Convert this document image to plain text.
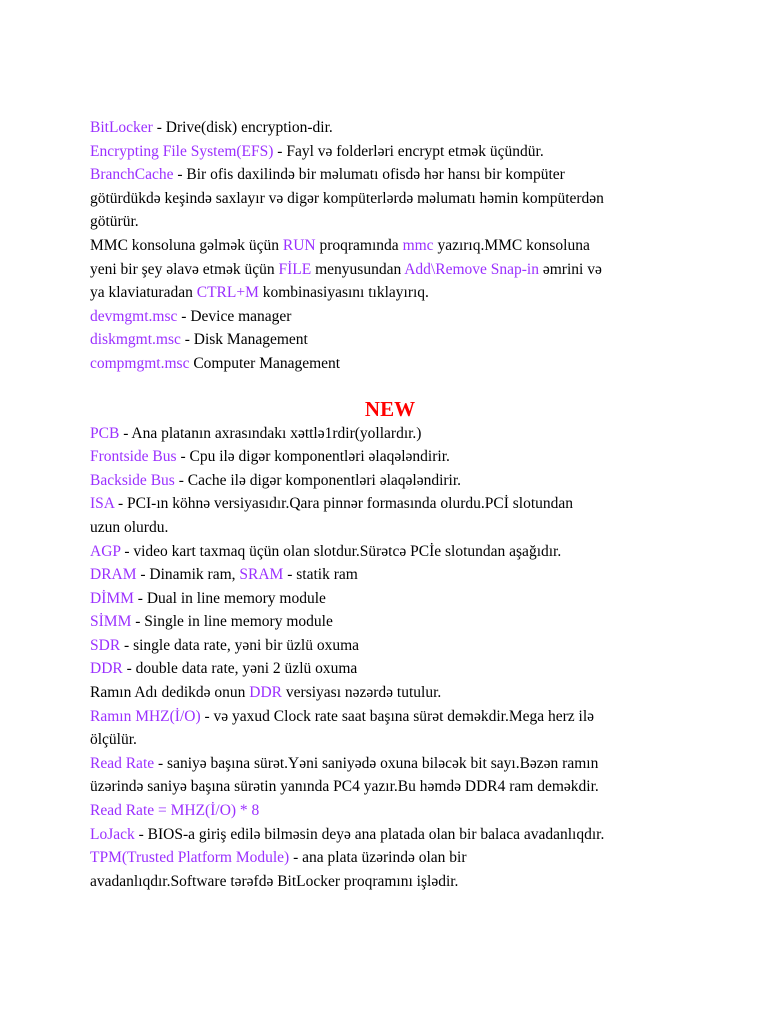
BitLocker - Drive(disk) encryption-dir.
Encrypting File System(EFS) - Fayl və folderləri encrypt etmək üçündür.
BranchCache - Bir ofis daxilində bir məlumatı ofisdə hər hansı bir kompüter
götürdükdə keşində saxlayır və digər kompüterlərdə məlumatı həmin kompüterdən
götürür.
MMC konsoluna gəlmək üçün RUN proqramında mmc yazırıq.MMC konsoluna
yeni bir şey əlavə etmək üçün FİLE menyusundan Add\Remove Snap-in əmrini və
ya klaviaturadan CTRL+M kombinasiyasını tıklayırıq.
devmgmt.msc - Device manager
diskmgmt.msc - Disk Management
compmgmt.msc Computer Management
NEW
PCB - Ana platanın axrasındakı xəttlə1rdir(yollardır.)
Frontside Bus - Cpu ilə digər komponentləri əlaqələndirir.
Backside Bus - Cache ilə digər komponentləri əlaqələndirir.
ISA - PCI-ın köhnə versiyasıdır.Qara pinnər formasında olurdu.PCİ slotundan
uzun olurdu.
AGP - video kart taxmaq üçün olan slotdur.Sürətcə PCİe slotundan aşağıdır.
DRAM - Dinamik ram, SRAM - statik ram
DİMM - Dual in line memory module
SİMM - Single in line memory module
SDR - single data rate, yəni bir üzlü oxuma
DDR - double data rate, yəni 2 üzlü oxuma
Ramın Adı dedikdə onun DDR versiyası nəzərdə tutulur.
Ramın MHZ(İ/O) - və yaxud Clock rate saat başına sürət deməkdir.Mega herz ilə
ölçülür.
Read Rate - saniyə başına sürət.Yəni saniyədə oxuna biləcək bit sayı.Bəzən ramın
üzərində saniyə başına sürətin yanında PC4 yazır.Bu həmdə DDR4 ram deməkdir.
Read Rate = MHZ(İ/O) * 8
LoJack - BIOS-a giriş edilə bilməsin deyə ana platada olan bir balaca avadanlıqdır.
TPM(Trusted Platform Module) - ana plata üzərində olan bir
avadanlıqdır.Software tərəfdə BitLocker proqramını işlədir.
